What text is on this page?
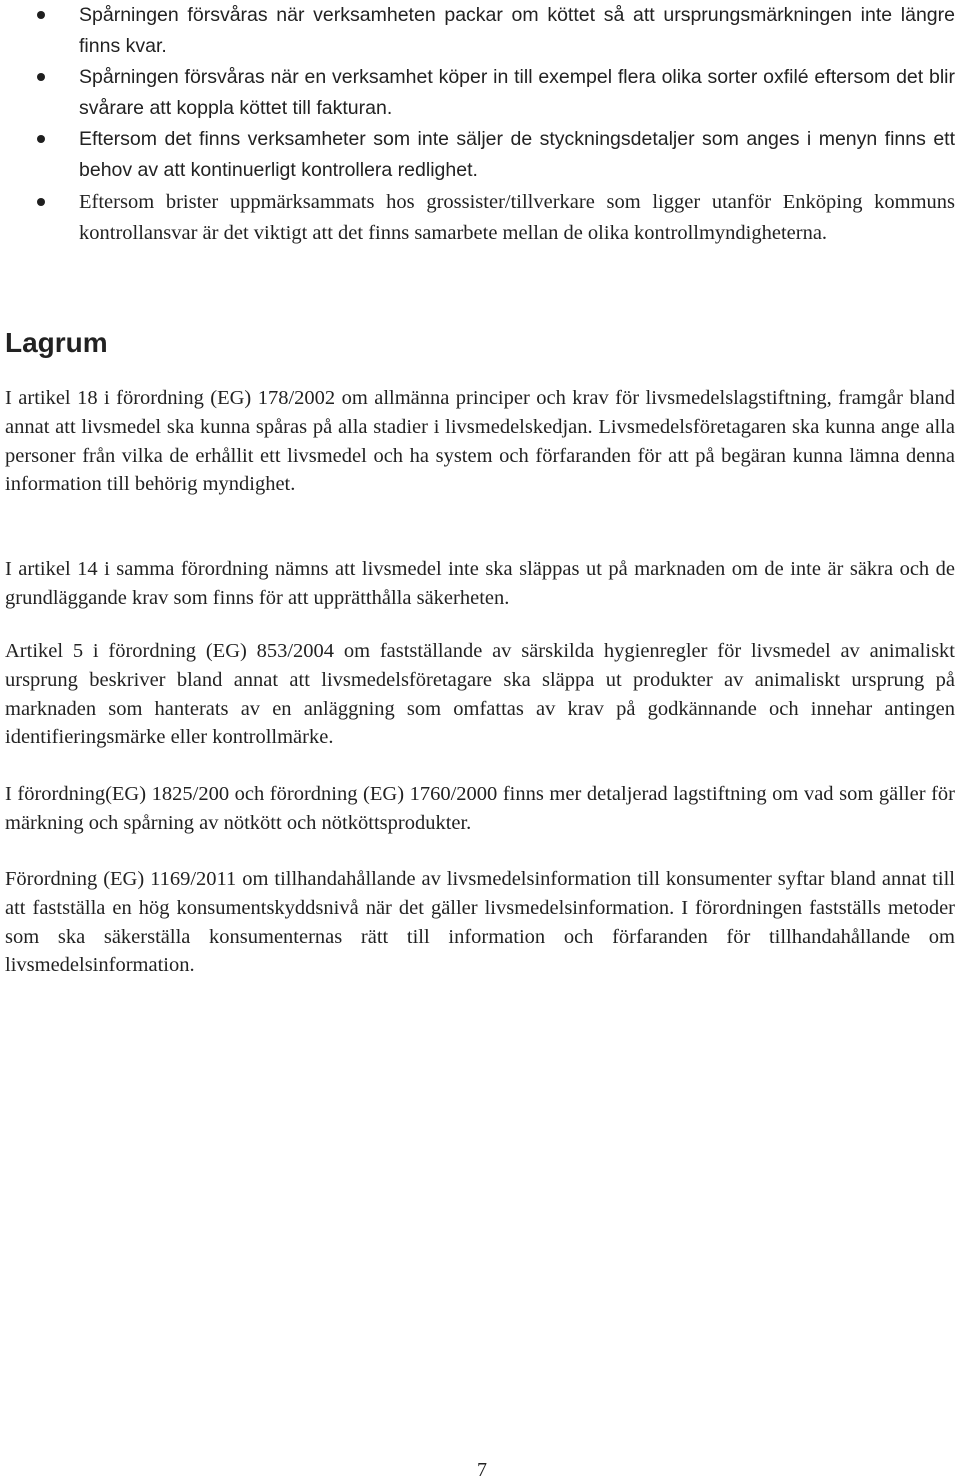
Spårningen försvåras när verksamheten packar om köttet så att ursprungsmärkningen inte längre finns kvar.

Spårningen försvåras när en verksamhet köper in till exempel flera olika sorter oxfilé eftersom det blir svårare att koppla köttet till fakturan.

Eftersom det finns verksamheter som inte säljer de styckningsdetaljer som anges i menyn finns ett behov av att kontinuerligt kontrollera redlighet.

Eftersom brister uppmärksammats hos grossister/tillverkare som ligger utanför Enköping kommuns kontrollansvar är det viktigt att det finns samarbete mellan de olika kontrollmyndigheterna.

Lagrum

I artikel 18 i förordning (EG) 178/2002 om allmänna principer och krav för livsmedelslagstiftning, framgår bland annat att livsmedel ska kunna spåras på alla stadier i livsmedelskedjan. Livsmedelsföretagaren ska kunna ange alla personer från vilka de erhållit ett livsmedel och ha system och förfaranden för att på begäran kunna lämna denna information till behörig myndighet.

I artikel 14 i samma förordning nämns att livsmedel inte ska släppas ut på marknaden om de inte är säkra och de grundläggande krav som finns för att upprätthålla säkerheten.

Artikel 5 i förordning (EG) 853/2004 om fastställande av särskilda hygienregler för livsmedel av animaliskt ursprung beskriver bland annat att livsmedelsföretagare ska släppa ut produkter av animaliskt ursprung på marknaden som hanterats av en anläggning som omfattas av krav på godkännande och innehar antingen identifieringsmärke eller kontrollmärke.

I förordning(EG) 1825/200 och förordning (EG) 1760/2000 finns mer detaljerad lagstiftning om vad som gäller för märkning och spårning av nötkött och nötköttsprodukter.

Förordning (EG) 1169/2011 om tillhandahållande av livsmedelsinformation till konsumenter syftar bland annat till att fastställa en hög konsumentskyddsnivå när det gäller livsmedelsinformation. I förordningen fastställs metoder som ska säkerställa konsumenternas rätt till information och förfaranden för tillhandahållande om livsmedelsinformation.

7
